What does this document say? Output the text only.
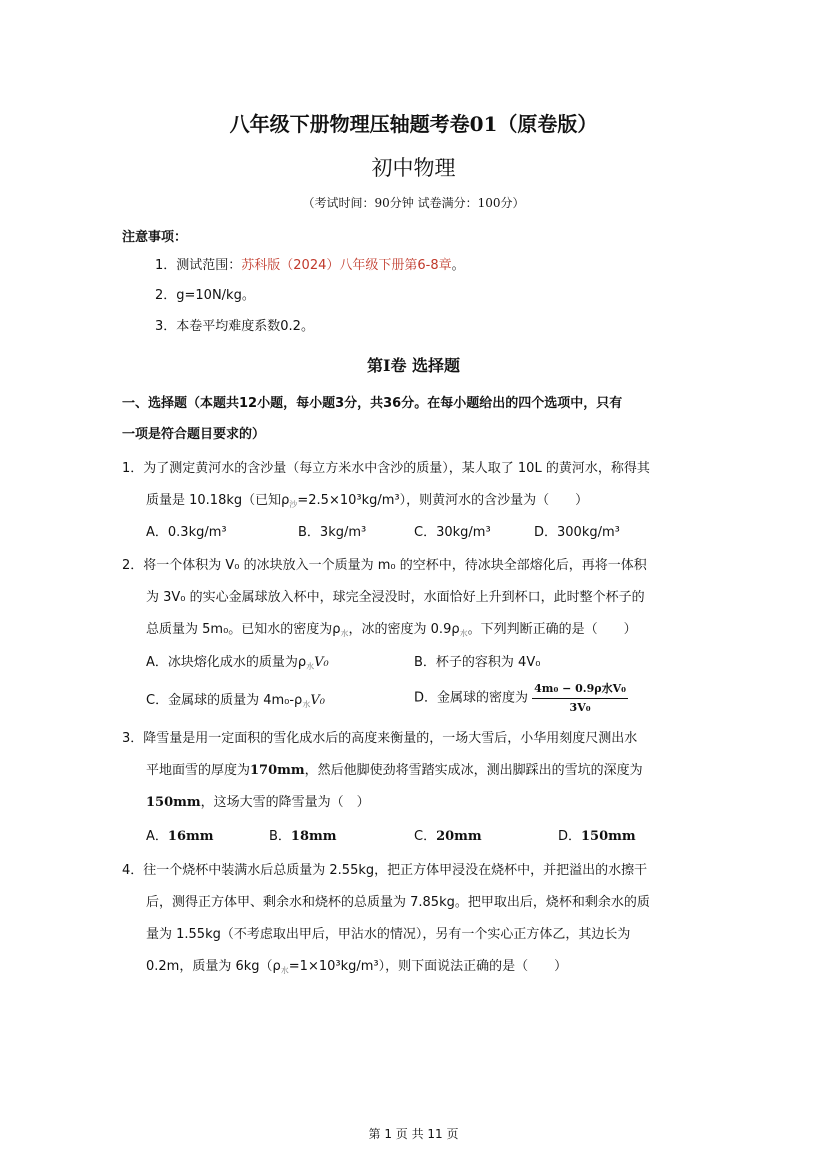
八年级下册物理压轴题考卷01（原卷版）
初中物理
（考试时间：90分钟 试卷满分：100分）
注意事项：
1．测试范围：苏科版（2024）八年级下册第6-8章。
2．g=10N/kg。
3．本卷平均难度系数0.2。
第Ⅰ卷 选择题
一、选择题（本题共12小题，每小题3分，共36分。在每小题给出的四个选项中，只有
一项是符合题目要求的）
1．为了测定黄河水的含沙量（每立方米水中含沙的质量），某人取了 10L 的黄河水，称得其
质量是 10.18kg（已知$\rho_沙=2.5\times 10^3kg/m^3$），则黄河水的含沙量为（　　）
A．0.3kg/m³	B．3kg/m³	C．30kg/m³	D．300kg/m³
2．将一个体积为 V₀ 的冰块放入一个质量为 m₀ 的空杯中，待冰块全部熔化后，再将一体积
为 3V₀ 的实心金属球放入杯中，球完全浸没时，水面恰好上升到杯口，此时整个杯子的
总质量为 5m₀。已知水的密度为$\rho_水$，冰的密度为 $0.9\rho_水$。下列判断正确的是（　　）
A．冰块熔化成水的质量为$\rho_水V_0$	B．杯子的容积为 4V₀
C．金属球的质量为 $4m_0-\rho_水V_0$	D．金属球的密度为 $\frac{\text{4m₀ − 0.9ρ水V₀}}{\text{3V₀}}$
3．降雪量是用一定面积的雪化成水后的高度来衡量的，一场大雪后，小华用刻度尺测出水
平地面雪的厚度为170mm，然后他脚使劲将雪踏实成冰，测出脚踩出的雪坑的深度为
150mm，这场大雪的降雪量为（　）
A．16mm	B．18mm	C．20mm	D．150mm
4．往一个烧杯中装满水后总质量为 2.55kg，把正方体甲浸没在烧杯中，并把溢出的水擦干
后，测得正方体甲、剩余水和烧杯的总质量为 7.85kg。把甲取出后，烧杯和剩余水的质
量为 1.55kg（不考虑取出甲后，甲沾水的情况），另有一个实心正方体乙，其边长为
0.2m，质量为 $6kg(\rho_水=1\times 10^3kg/m^3)$，则下面说法正确的是（　　）
第 1 页 共 11 页
